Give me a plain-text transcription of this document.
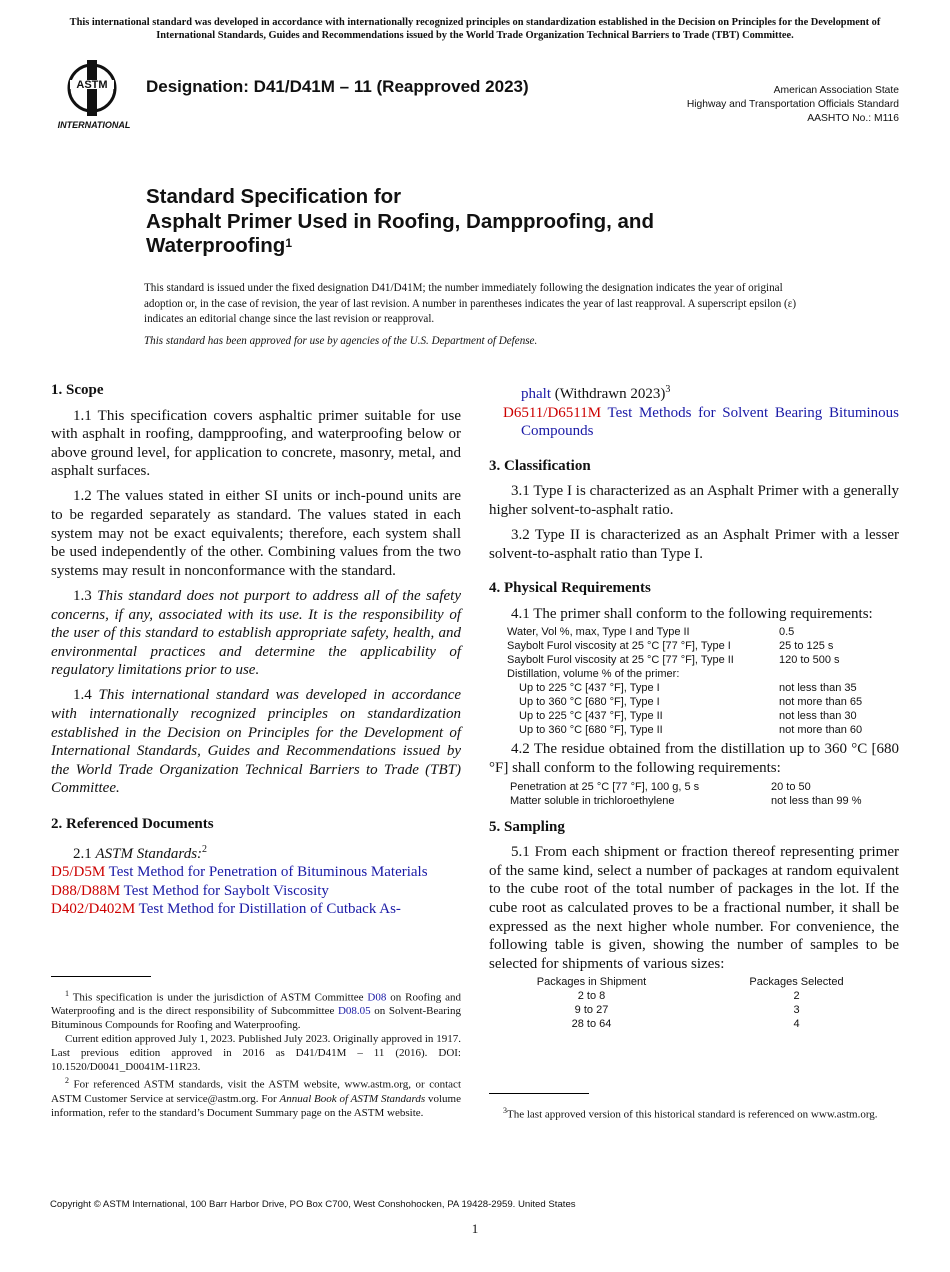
This international standard was developed in accordance with internationally recognized principles on standardization established in the Decision on Principles for the Development of International Standards, Guides and Recommendations issued by the World Trade Organization Technical Barriers to Trade (TBT) Committee.
ASTM
INTERNATIONAL
Designation: D41/D41M – 11 (Reapproved 2023)	American Association State
Highway and Transportation Officials Standard
AASHTO No.: M116
Standard Specification for
Asphalt Primer Used in Roofing, Dampproofing, and
Waterproofing$^1$
This standard is issued under the fixed designation D41/D41M; the number immediately following the designation indicates the year of original adoption or, in the case of revision, the year of last revision. A number in parentheses indicates the year of last reapproval. A superscript epsilon (ε) indicates an editorial change since the last revision or reapproval.
This standard has been approved for use by agencies of the U.S. Department of Defense.
1. Scope

1.1 This specification covers asphaltic primer suitable for use with asphalt in roofing, dampproofing, and waterproofing below or above ground level, for application to concrete, masonry, metal, and asphalt surfaces.

1.2 The values stated in either SI units or inch-pound units are to be regarded separately as standard. The values stated in each system may not be exact equivalents; therefore, each system shall be used independently of the other. Combining values from the two systems may result in nonconformance with the standard.

1.3 This standard does not purport to address all of the safety concerns, if any, associated with its use. It is the responsibility of the user of this standard to establish appropriate safety, health, and environmental practices and determine the applicability of regulatory limitations prior to use.

1.4 This international standard was developed in accordance with internationally recognized principles on standardization established in the Decision on Principles for the Development of International Standards, Guides and Recommendations issued by the World Trade Organization Technical Barriers to Trade (TBT) Committee.

2. Referenced Documents

2.1 ASTM Standards:$^2$

D5/D5M Test Method for Penetration of Bituminous Materials
D88/D88M Test Method for Saybolt Viscosity
D402/D402M Test Method for Distillation of Cutback As-

$^1$ This specification is under the jurisdiction of ASTM Committee D08 on Roofing and Waterproofing and is the direct responsibility of Subcommittee D08.05 on Solvent-Bearing Bituminous Compounds for Roofing and Waterproofing.

Current edition approved July 1, 2023. Published July 2023. Originally approved in 1917. Last previous edition approved in 2016 as D41/D41M – 11 (2016). DOI: 10.1520/D0041_D0041M-11R23.

$^2$ For referenced ASTM standards, visit the ASTM website, www.astm.org, or contact ASTM Customer Service at service@astm.org. For Annual Book of ASTM Standards volume information, refer to the standard’s Document Summary page on the ASTM website.

phalt (Withdrawn 2023)$^3$
D6511/D6511M Test Methods for Solvent Bearing Bituminous Compounds
3. Classification

3.1 Type I is characterized as an Asphalt Primer with a generally higher solvent-to-asphalt ratio.

3.2 Type II is characterized as an Asphalt Primer with a lesser solvent-to-asphalt ratio than Type I.

4. Physical Requirements

4.1 The primer shall conform to the following requirements:

Water, Vol %, max, Type I and Type II	0.5
Saybolt Furol viscosity at 25 °C [77 °F], Type I	25 to 125 s
Saybolt Furol viscosity at 25 °C [77 °F], Type II	120 to 500 s
Distillation, volume % of the primer:	
Up to 225 °C [437 °F], Type I	not less than 35
Up to 360 °C [680 °F], Type I	not more than 65
Up to 225 °C [437 °F], Type II	not less than 30
Up to 360 °C [680 °F], Type II	not more than 60

4.2 The residue obtained from the distillation up to 360 °C [680 °F] shall conform to the following requirements:

Penetration at 25 °C [77 °F], 100 g, 5 s	20 to 50
Matter soluble in trichloroethylene	not less than 99 %
5. Sampling

5.1 From each shipment or fraction thereof representing primer of the same kind, select a number of packages at random equivalent to the cube root of the total number of packages in the lot. If the cube root as calculated proves to be a fractional number, it shall be expressed as the next higher whole number. For convenience, the following table is given, showing the number of samples to be selected for shipments of various sizes:

Packages in Shipment	Packages Selected
2 to 8	2
9 to 27	3
28 to 64	4

$^3$The last approved version of this historical standard is referenced on www.astm.org.

Copyright © ASTM International, 100 Barr Harbor Drive, PO Box C700, West Conshohocken, PA 19428-2959. United States
1
